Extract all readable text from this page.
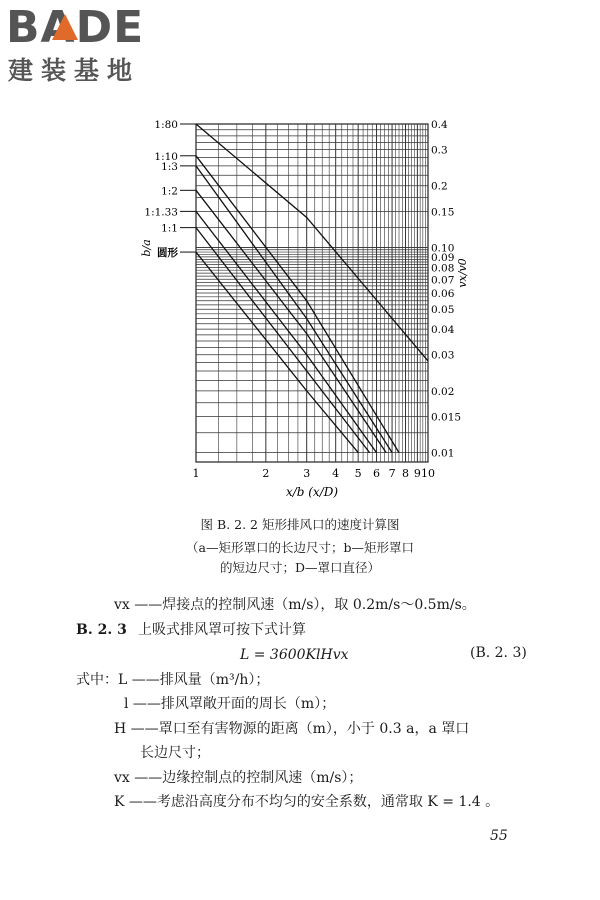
BADE
建装基地
1	2	3 4 5 6 7 8 9 10
0.4
0.3
0.2
0.15
0.10
0.09
0.08
0.07
0.06
0.05
0.04
0.03
0.02
0.015
0.01
1:80
1:10
1:3
1:2
1:1.33
1:1
圆形
x/b (x/D)
vx/v0
b/a
图 B. 2. 2 矩形排风口的速度计算图
（a—矩形罩口的长边尺寸；b—矩形罩口
的短边尺寸；D—罩口直径）
vx ——焊接点的控制风速（m/s），取 0.2m/s～0.5m/s。
B. 2. 3 上吸式排风罩可按下式计算
L = 3600KlHvx	(B. 2. 3)
式中：L ——排风量（m³/h）；
l ——排风罩敞开面的周长（m）；
H ——罩口至有害物源的距离（m），小于 0.3 a，a 罩口
长边尺寸；
vx ——边缘控制点的控制风速（m/s）；
K ——考虑沿高度分布不均匀的安全系数，通常取 K = 1.4 。
55
